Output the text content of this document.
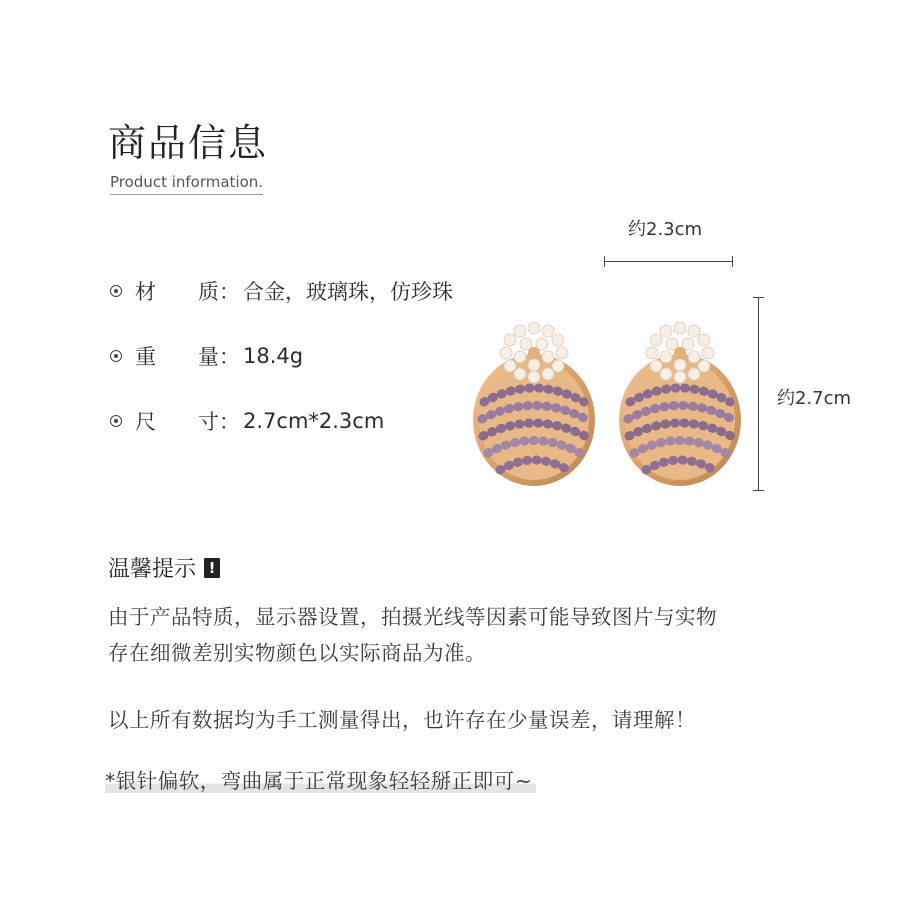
商品信息
Product information.
材　　质： 合金，玻璃珠，仿珍珠
重　　量： 18.4g
尺　　寸： 2.7cm*2.3cm
约2.3cm
约2.7cm
温馨提示 !
由于产品特质，显示器设置，拍摄光线等因素可能导致图片与实物
存在细微差别实物颜色以实际商品为准。
以上所有数据均为手工测量得出，也许存在少量误差，请理解！
*银针偏软，弯曲属于正常现象轻轻掰正即可~
